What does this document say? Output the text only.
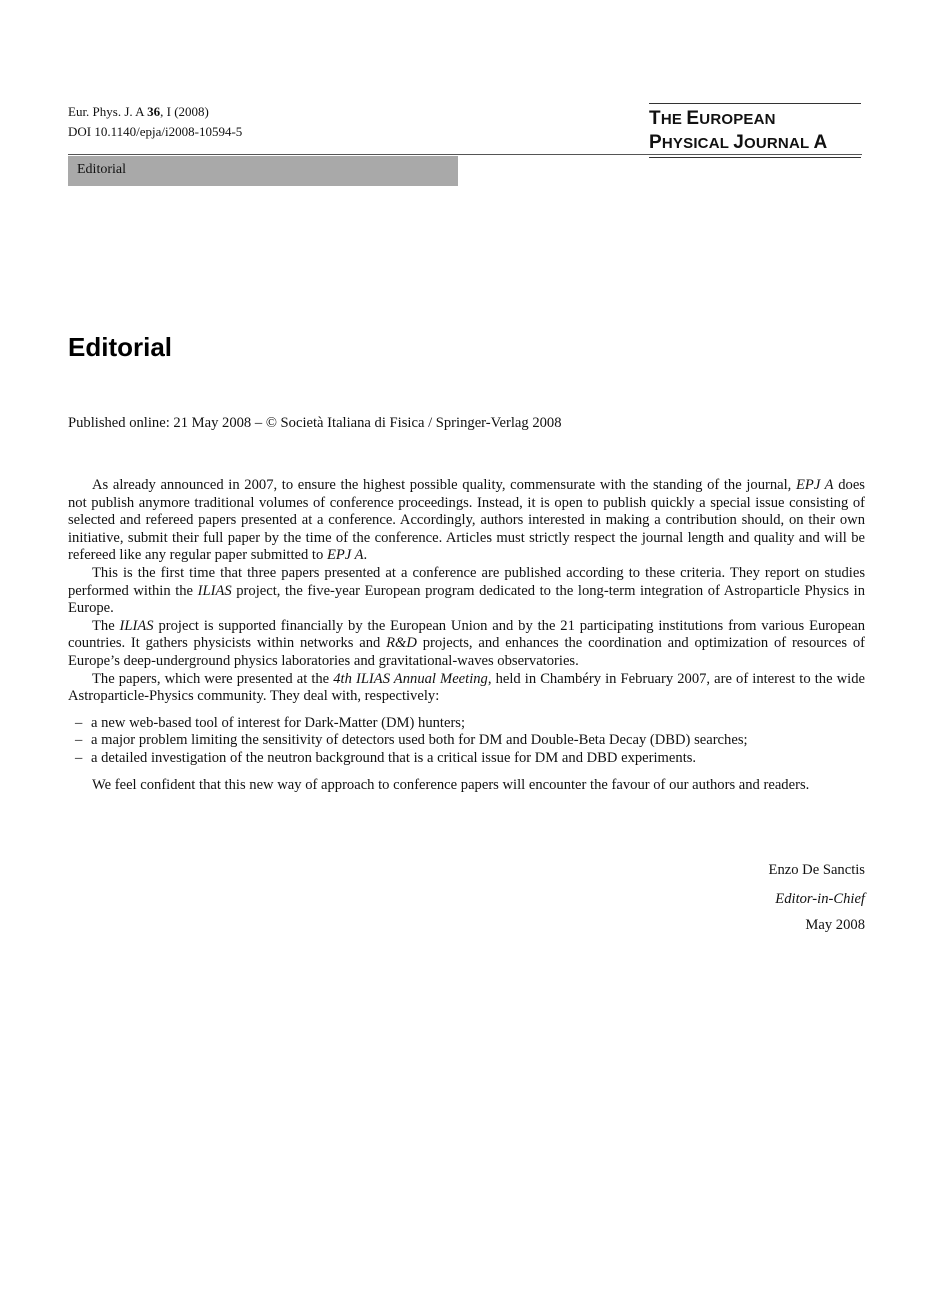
Eur. Phys. J. A 36, I (2008)
DOI 10.1140/epja/i2008-10594-5
THE EUROPEAN
PHYSICAL JOURNAL A
Editorial
Editorial
Published online: 21 May 2008 – © Società Italiana di Fisica / Springer-Verlag 2008

As already announced in 2007, to ensure the highest possible quality, commensurate with the standing of the journal, EPJ A does not publish anymore traditional volumes of conference proceedings. Instead, it is open to publish quickly a special issue consisting of selected and refereed papers presented at a conference. Accordingly, authors interested in making a contribution should, on their own initiative, submit their full paper by the time of the conference. Articles must strictly respect the journal length and quality and will be refereed like any regular paper submitted to EPJ A.

This is the first time that three papers presented at a conference are published according to these criteria. They report on studies performed within the ILIAS project, the five-year European program dedicated to the long-term integration of Astroparticle Physics in Europe.

The ILIAS project is supported financially by the European Union and by the 21 participating institutions from various European countries. It gathers physicists within networks and R&D projects, and enhances the coordination and optimization of resources of Europe’s deep-underground physics laboratories and gravitational-waves observatories.

The papers, which were presented at the 4th ILIAS Annual Meeting, held in Chambéry in February 2007, are of interest to the wide Astroparticle-Physics community. They deal with, respectively:

– a new web-based tool of interest for Dark-Matter (DM) hunters;
– a major problem limiting the sensitivity of detectors used both for DM and Double-Beta Decay (DBD) searches;
– a detailed investigation of the neutron background that is a critical issue for DM and DBD experiments.

We feel confident that this new way of approach to conference papers will encounter the favour of our authors and readers.

Enzo De Sanctis
Editor-in-Chief
May 2008
